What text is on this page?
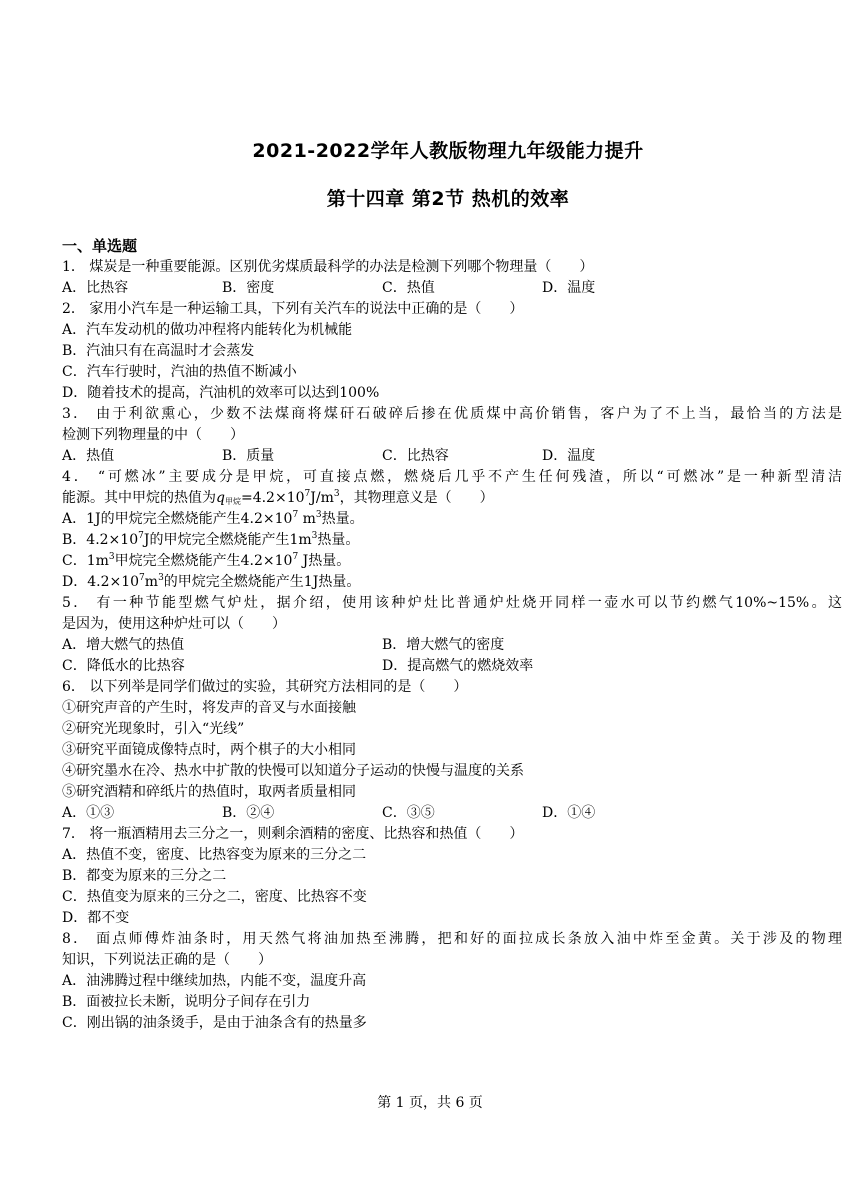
2021-2022学年人教版物理九年级能力提升
第十四章 第2节 热机的效率
一、单选题
1． 煤炭是一种重要能源。区别优劣煤质最科学的办法是检测下列哪个物理量（　　）
A．比热容	B．密度	C．热值	D．温度
2． 家用小汽车是一种运输工具，下列有关汽车的说法中正确的是（　　）
A．汽车发动机的做功冲程将内能转化为机械能
B．汽油只有在高温时才会蒸发
C．汽车行驶时，汽油的热值不断减小
D．随着技术的提高，汽油机的效率可以达到100%
3． 由于利欲熏心，少数不法煤商将煤矸石破碎后掺在优质煤中高价销售，客户为了不上当，最恰当的方法是
检测下列物理量的中（　　）
A．热值	B．质量	C．比热容	D．温度
4． “可燃冰”主要成分是甲烷，可直接点燃，燃烧后几乎不产生任何残渣，所以“可燃冰”是一种新型清洁
能源。其中甲烷的热值为$q_{甲烷}=4.2\times 10^7J/m^3$，其物理意义是（　　）
A．1J的甲烷完全燃烧能产生$4.2\times 10^7$ $m^3$热量。
B．$4.2\times 10^7J$的甲烷完全燃烧能产生$1m^3$热量。
C．$1m^3$甲烷完全燃烧能产生$4.2\times 10^7$ J热量。
D．$4.2\times 10^7m^3$的甲烷完全燃烧能产生1J热量。
5． 有一种节能型燃气炉灶，据介绍，使用该种炉灶比普通炉灶烧开同样一壶水可以节约燃气10%~15%。这
是因为，使用这种炉灶可以（　　）
A．增大燃气的热值	B．增大燃气的密度
C．降低水的比热容	D．提高燃气的燃烧效率
6． 以下列举是同学们做过的实验，其研究方法相同的是（　　）
①研究声音的产生时，将发声的音叉与水面接触
②研究光现象时，引入“光线”
③研究平面镜成像特点时，两个棋子的大小相同
④研究墨水在冷、热水中扩散的快慢可以知道分子运动的快慢与温度的关系
⑤研究酒精和碎纸片的热值时，取两者质量相同
A．①③	B．②④	C．③⑤	D．①④
7． 将一瓶酒精用去三分之一，则剩余酒精的密度、比热容和热值（　　）
A．热值不变，密度、比热容变为原来的三分之二
B．都变为原来的三分之二
C．热值变为原来的三分之二，密度、比热容不变
D．都不变
8． 面点师傅炸油条时，用天然气将油加热至沸腾，把和好的面拉成长条放入油中炸至金黄。关于涉及的物理
知识，下列说法正确的是（　　）
A．油沸腾过程中继续加热，内能不变，温度升高
B．面被拉长未断，说明分子间存在引力
C．刚出锅的油条烫手，是由于油条含有的热量多
第 1 页，共 6 页
